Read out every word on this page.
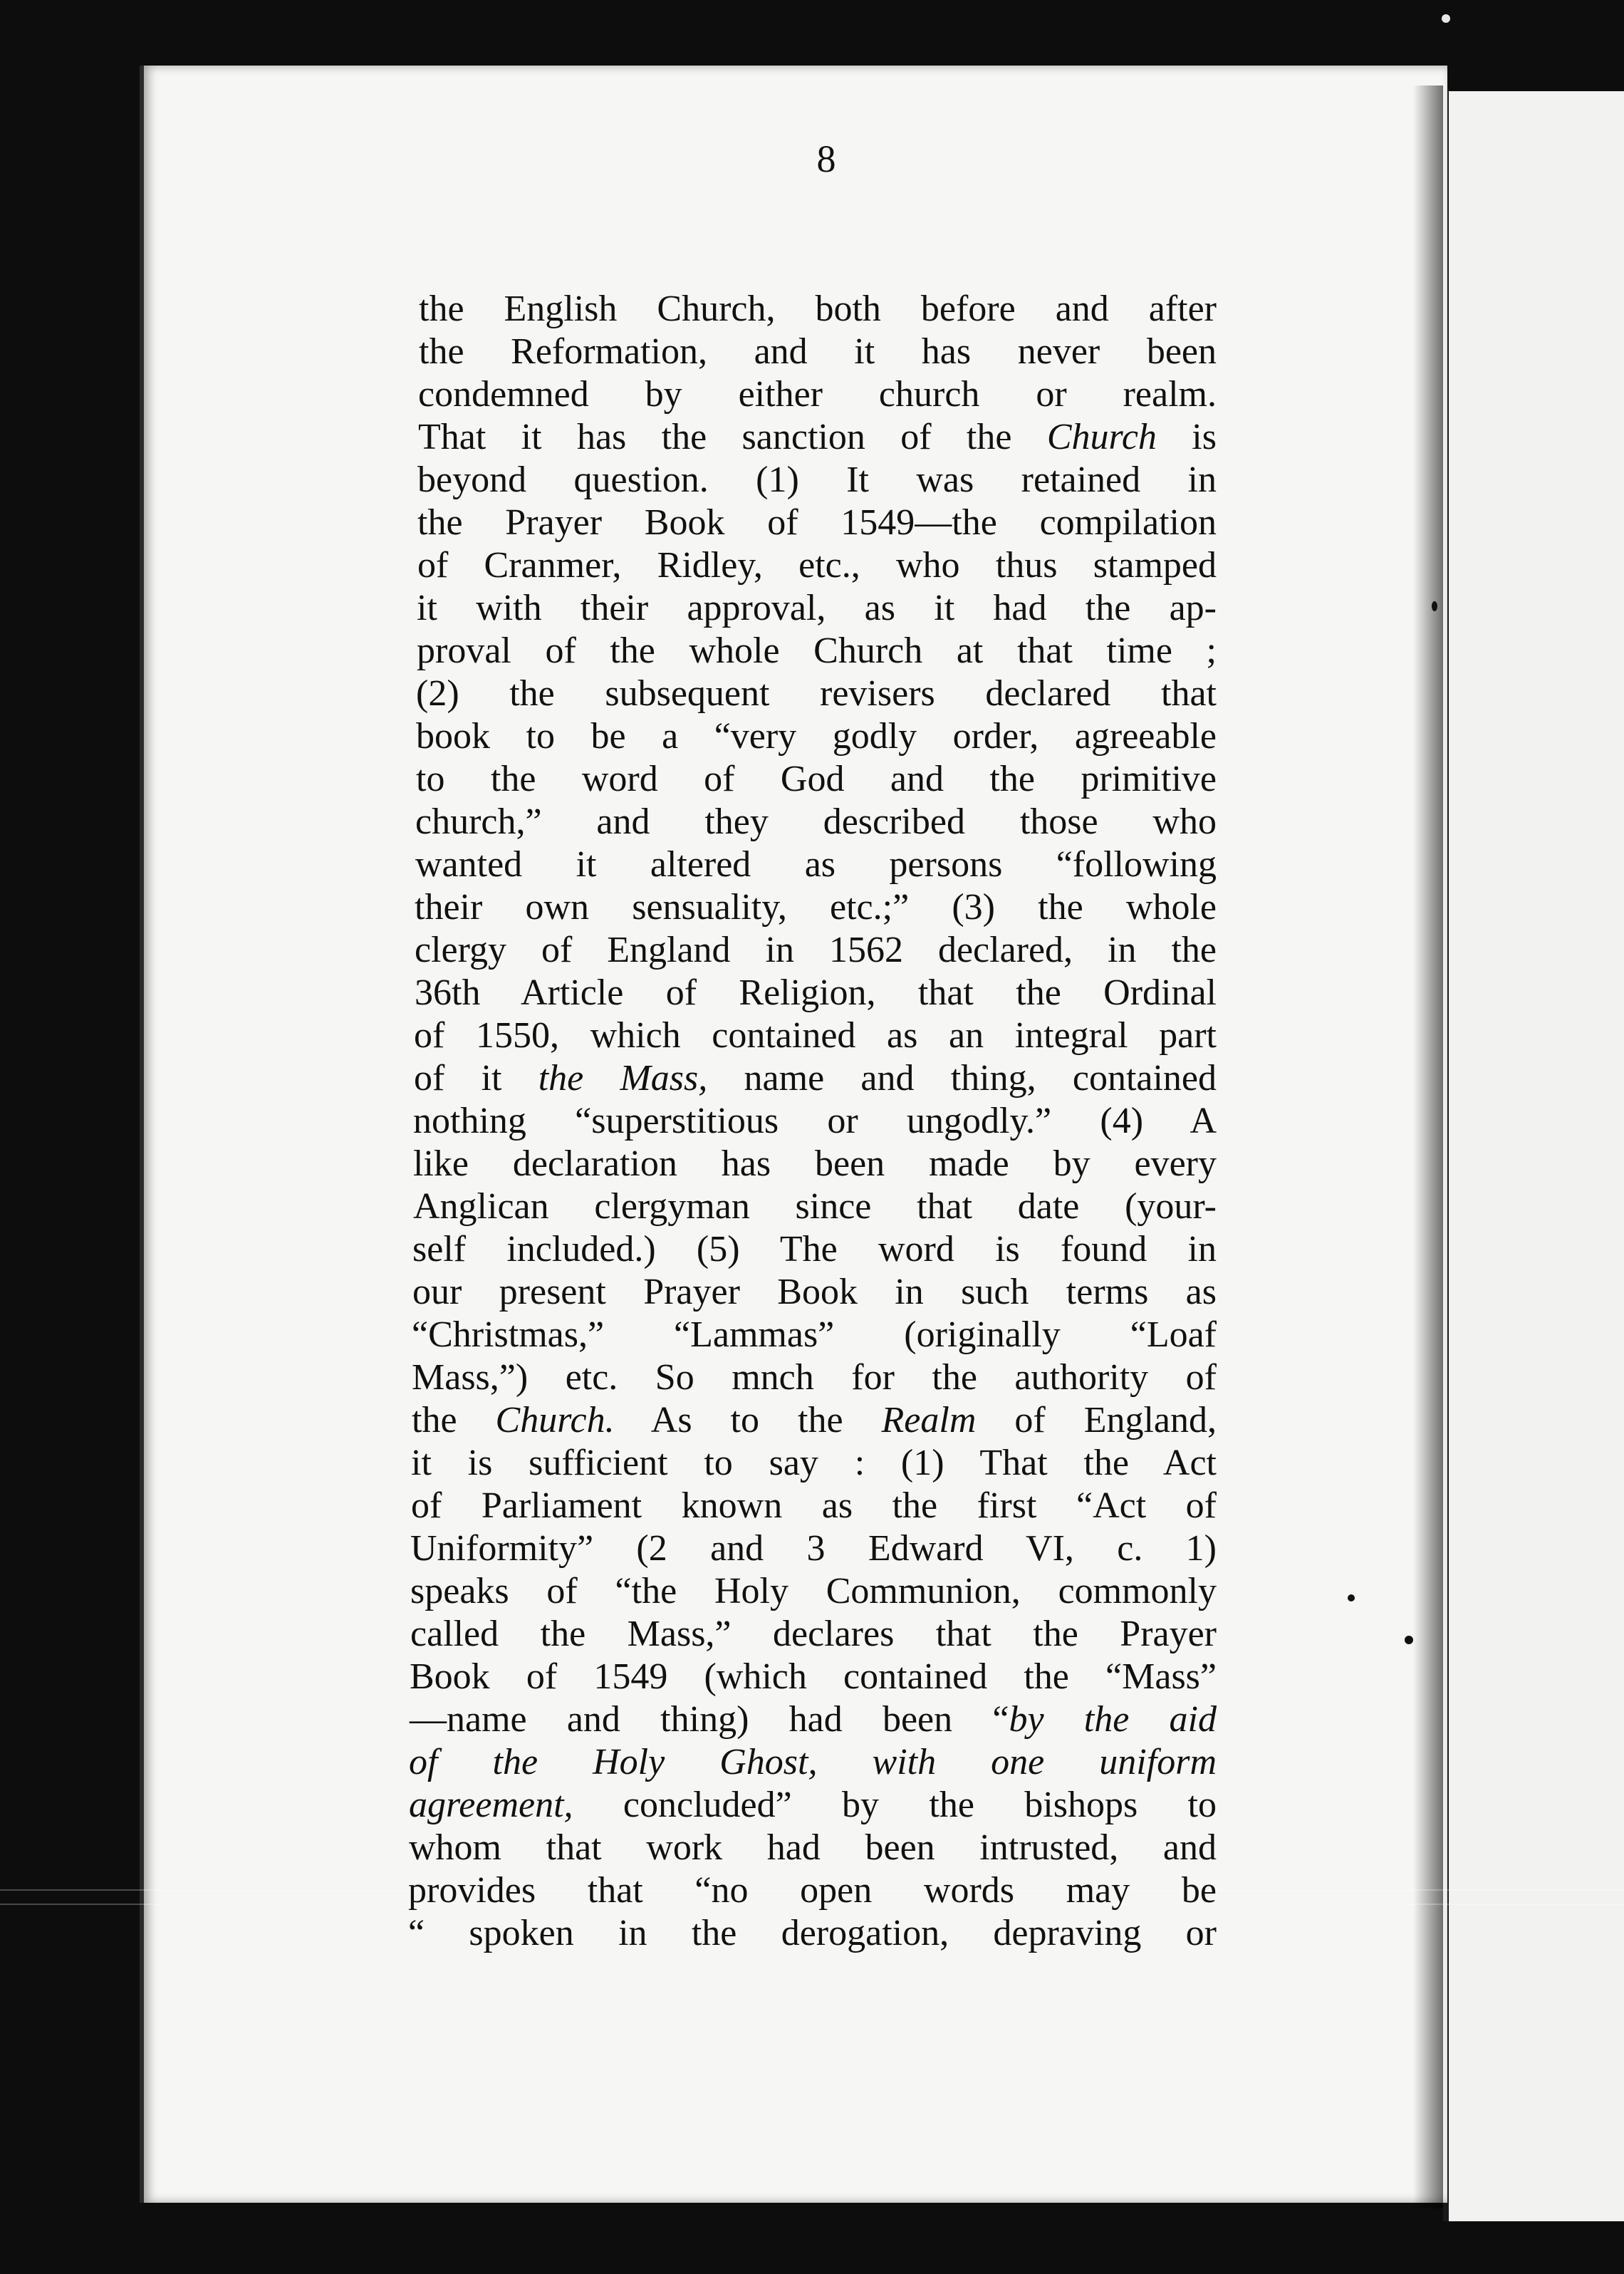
8
the English Church, both before and after
the Reformation, and it has never been
condemned by either church or realm.
That it has the sanction of the Church is
beyond question. (1) It was retained in
the Prayer Book of 1549—the compilation
of Cranmer, Ridley, etc., who thus stamped
it with their approval, as it had the ap-
proval of the whole Church at that time ;
(2) the subsequent revisers declared that
book to be a “very godly order, agreeable
to the word of God and the primitive
church,” and they described those who
wanted it altered as persons “following
their own sensuality, etc.;” (3) the whole
clergy of England in 1562 declared, in the
36th Article of Religion, that the Ordinal
of 1550, which contained as an integral part
of it the Mass, name and thing, contained
nothing “superstitious or ungodly.” (4) A
like declaration has been made by every
Anglican clergyman since that date (your-
self included.) (5) The word is found in
our present Prayer Book in such terms as
“Christmas,” “Lammas” (originally “Loaf
Mass,”) etc. So mnch for the authority of
the Church. As to the Realm of England,
it is sufficient to say : (1) That the Act
of Parliament known as the first “Act of
Uniformity” (2 and 3 Edward VI, c. 1)
speaks of “the Holy Communion, commonly
called the Mass,” declares that the Prayer
Book of 1549 (which contained the “Mass”
—name and thing) had been “by the aid
of the Holy Ghost, with one uniform
agreement, concluded” by the bishops to
whom that work had been intrusted, and
provides that “no open words may be
“ spoken in the derogation, depraving or
